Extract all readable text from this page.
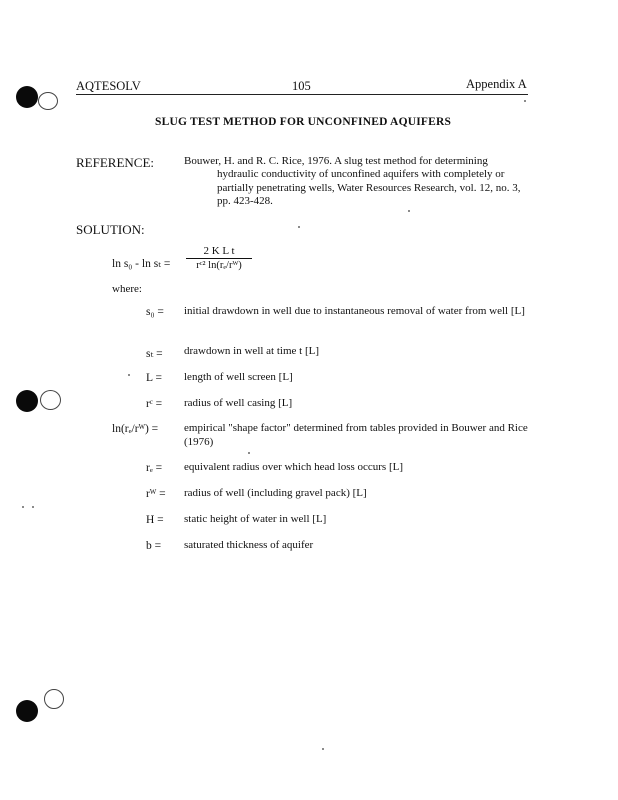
AQTESOLV	105	Appendix A
SLUG TEST METHOD FOR UNCONFINED AQUIFERS
REFERENCE:	Bouwer, H. and R. C. Rice, 1976. A slug test method for determining
hydraulic conductivity of unconfined aquifers with completely or partially penetrating wells, Water Resources Research, vol. 12, no. 3, pp. 423-428.
SOLUTION:
ln s₀ - ln sₜ =
2 K L t
rᶜ² ln(rₑ/rᵂ)
where:
s₀ = initial drawdown in well due to instantaneous removal of water from well [L]
sₜ = drawdown in well at time t [L]
L = length of well screen [L]
rᶜ = radius of well casing [L]
ln(rₑ/rᵂ) = empirical "shape factor" determined from tables provided in Bouwer and Rice (1976)
rₑ = equivalent radius over which head loss occurs [L]
rᵂ = radius of well (including gravel pack) [L]
H = static height of water in well [L]
b = saturated thickness of aquifer
